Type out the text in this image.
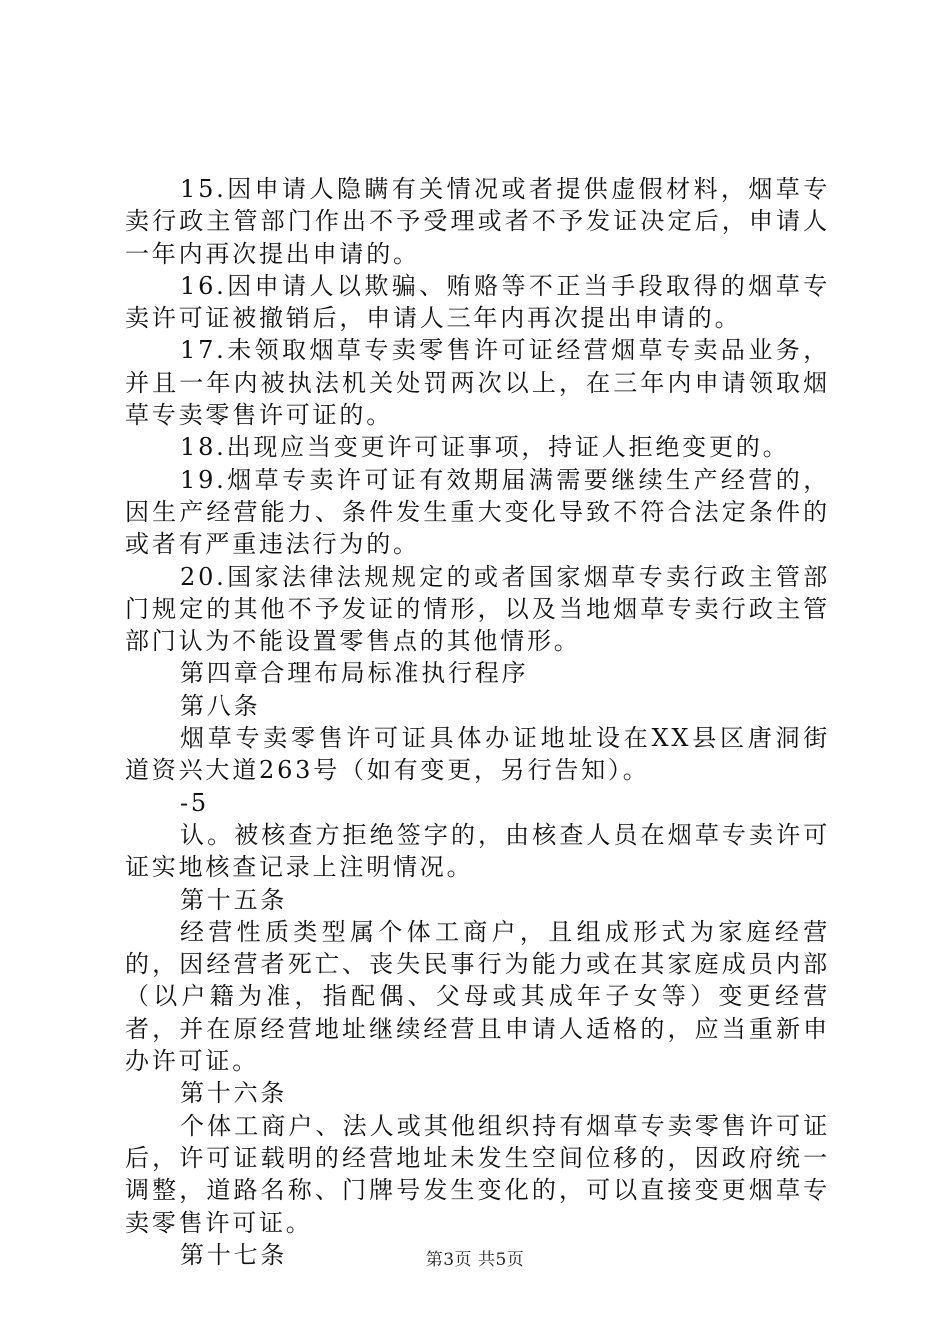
15.因申请人隐瞒有关情况或者提供虚假材料，烟草专卖行政主管部门作出不予受理或者不予发证决定后，申请人一年内再次提出申请的。

16.因申请人以欺骗、贿赂等不正当手段取得的烟草专卖许可证被撤销后，申请人三年内再次提出申请的。

17.未领取烟草专卖零售许可证经营烟草专卖品业务，并且一年内被执法机关处罚两次以上，在三年内申请领取烟草专卖零售许可证的。

18.出现应当变更许可证事项，持证人拒绝变更的。

19.烟草专卖许可证有效期届满需要继续生产经营的，因生产经营能力、条件发生重大变化导致不符合法定条件的或者有严重违法行为的。

20.国家法律法规规定的或者国家烟草专卖行政主管部门规定的其他不予发证的情形，以及当地烟草专卖行政主管部门认为不能设置零售点的其他情形。

第四章合理布局标准执行程序

第八条

烟草专卖零售许可证具体办证地址设在XX县区唐洞街道资兴大道263号（如有变更，另行告知）。

-5

认。被核查方拒绝签字的，由核查人员在烟草专卖许可证实地核查记录上注明情况。

第十五条

经营性质类型属个体工商户，且组成形式为家庭经营的，因经营者死亡、丧失民事行为能力或在其家庭成员内部（以户籍为准，指配偶、父母或其成年子女等）变更经营者，并在原经营地址继续经营且申请人适格的，应当重新申办许可证。

第十六条

个体工商户、法人或其他组织持有烟草专卖零售许可证后，许可证载明的经营地址未发生空间位移的，因政府统一调整，道路名称、门牌号发生变化的，可以直接变更烟草专卖零售许可证。

第十七条	第3页 共5页
